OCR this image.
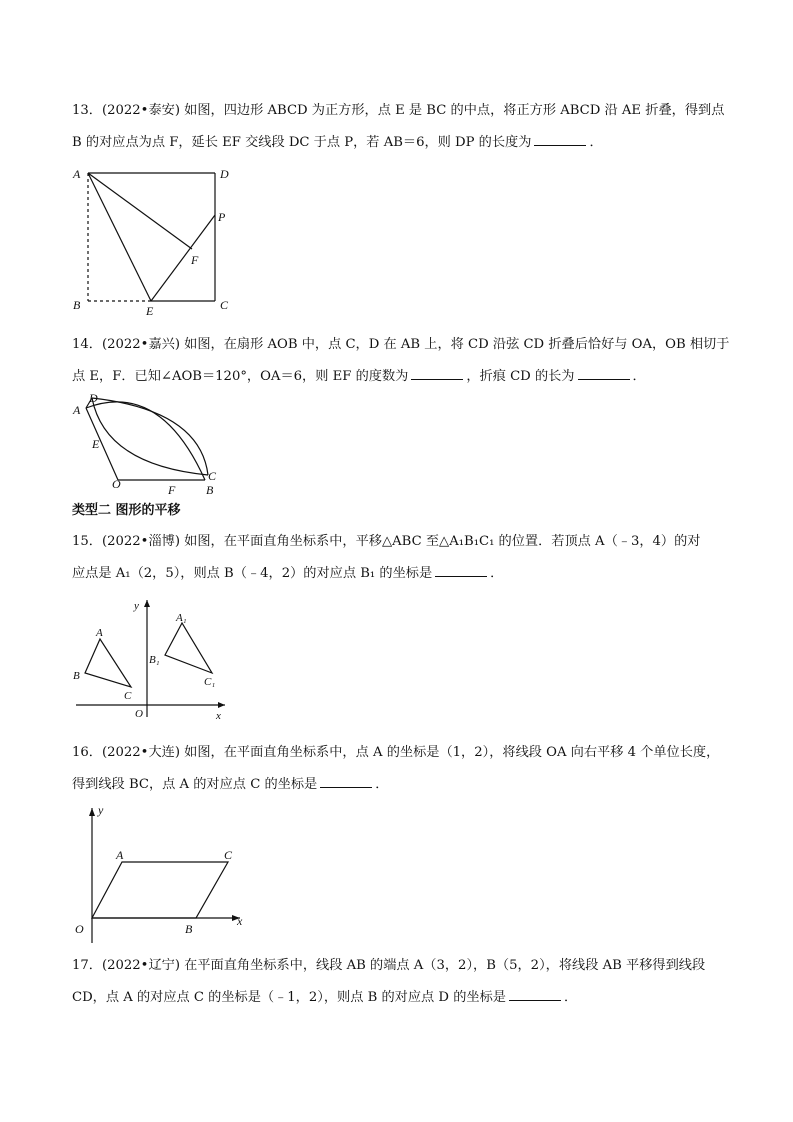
13．(2022•泰安) 如图，四边形 ABCD 为正方形，点 E 是 BC 的中点，将正方形 ABCD 沿 AE 折叠，得到点
B 的对应点为点 F，延长 EF 交线段 DC 于点 P，若 AB＝6，则 DP 的长度为	．
A	D
P
F
B	E	C
14．(2022•嘉兴) 如图，在扇形 AOB 中，点 C，D 在 AB 上，将 CD 沿弦 CD 折叠后恰好与 OA，OB 相切于
点 E，F．已知∠AOB＝120°，OA＝6，则 EF 的度数为	，折痕 CD 的长为	．
A
D
E
O	F	B
C
类型二 图形的平移
15．(2022•淄博) 如图，在平面直角坐标系中，平移△ABC 至△A₁B₁C₁ 的位置．若顶点 A（﹣3，4）的对
应点是 A₁（2，5），则点 B（﹣4，2）的对应点 B₁ 的坐标是	．
A
B
C
A₁
B₁
C₁
O	x
y
16．(2022•大连) 如图，在平面直角坐标系中，点 A 的坐标是（1，2），将线段 OA 向右平移 4 个单位长度，
得到线段 BC，点 A 的对应点 C 的坐标是	．
y
A	C
O	B
x
17．(2022•辽宁) 在平面直角坐标系中，线段 AB 的端点 A（3，2），B（5，2），将线段 AB 平移得到线段
CD，点 A 的对应点 C 的坐标是（﹣1，2），则点 B 的对应点 D 的坐标是	．
